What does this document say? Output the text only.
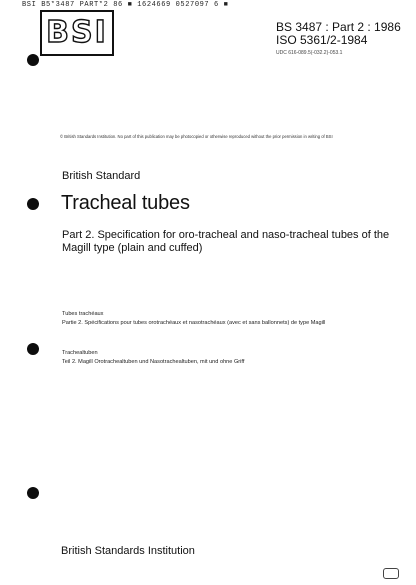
BSI B5*3487 PART*2 86 ■ 1624669 0527097 6 ■
BSI	BS 3487 : Part 2 : 1986
ISO 5361/2-1984
UDC 616-089.5(-032.2)-053.1
© British Standards Institution. No part of this publication may be photocopied or otherwise reproduced without the prior permission in writing of BSI
British Standard
Tracheal tubes
Part 2. Specification for oro-tracheal and naso-tracheal tubes of the Magill type (plain and cuffed)
Tubes trachéaux
Partie 2. Spécifications pour tubes orotrachéaux et nasotrachéaux (avec et sans ballonnets) de type Magill
Trachealtuben
Teil 2. Magill Orotrachealtuben und Nasotrachealtuben, mit und ohne Griff
British Standards Institution
